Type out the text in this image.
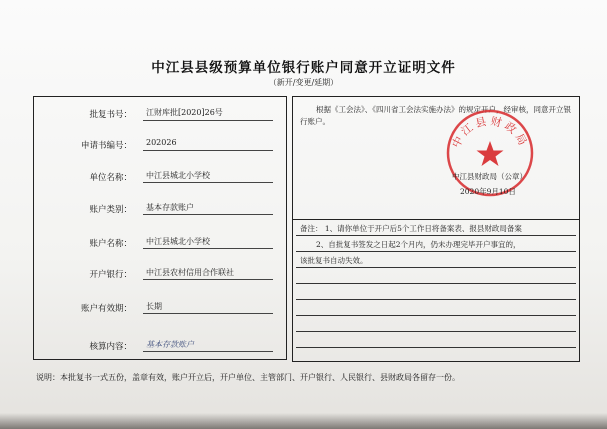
中江县县级预算单位银行账户同意开立证明文件
（新开/变更/延期）
批复书号： 江财库批[2020]26号
申请书编号： 202026
单位名称： 中江县城北小学校
账户类别： 基本存款账户
账户名称： 中江县城北小学校
开户银行： 中江县农村信用合作联社
账户有效期： 长期
核算内容： 基本存款账户
根据《工会法》、《四川省工会法实施办法》的规定开户，经审核，同意开立银行账户。
中江县财政局
中江县财政局（公章）
2020年9月10日
备注： 1、请你单位于开户后5个工作日将备案表、报县财政局备案
2、自批复书签发之日起2个月内，仍未办理完毕开户事宜的，
该批复书自动失效。
说明：本批复书一式五份，盖章有效，账户开立后，开户单位、主管部门、开户银行、人民银行、县财政局各留存一份。
